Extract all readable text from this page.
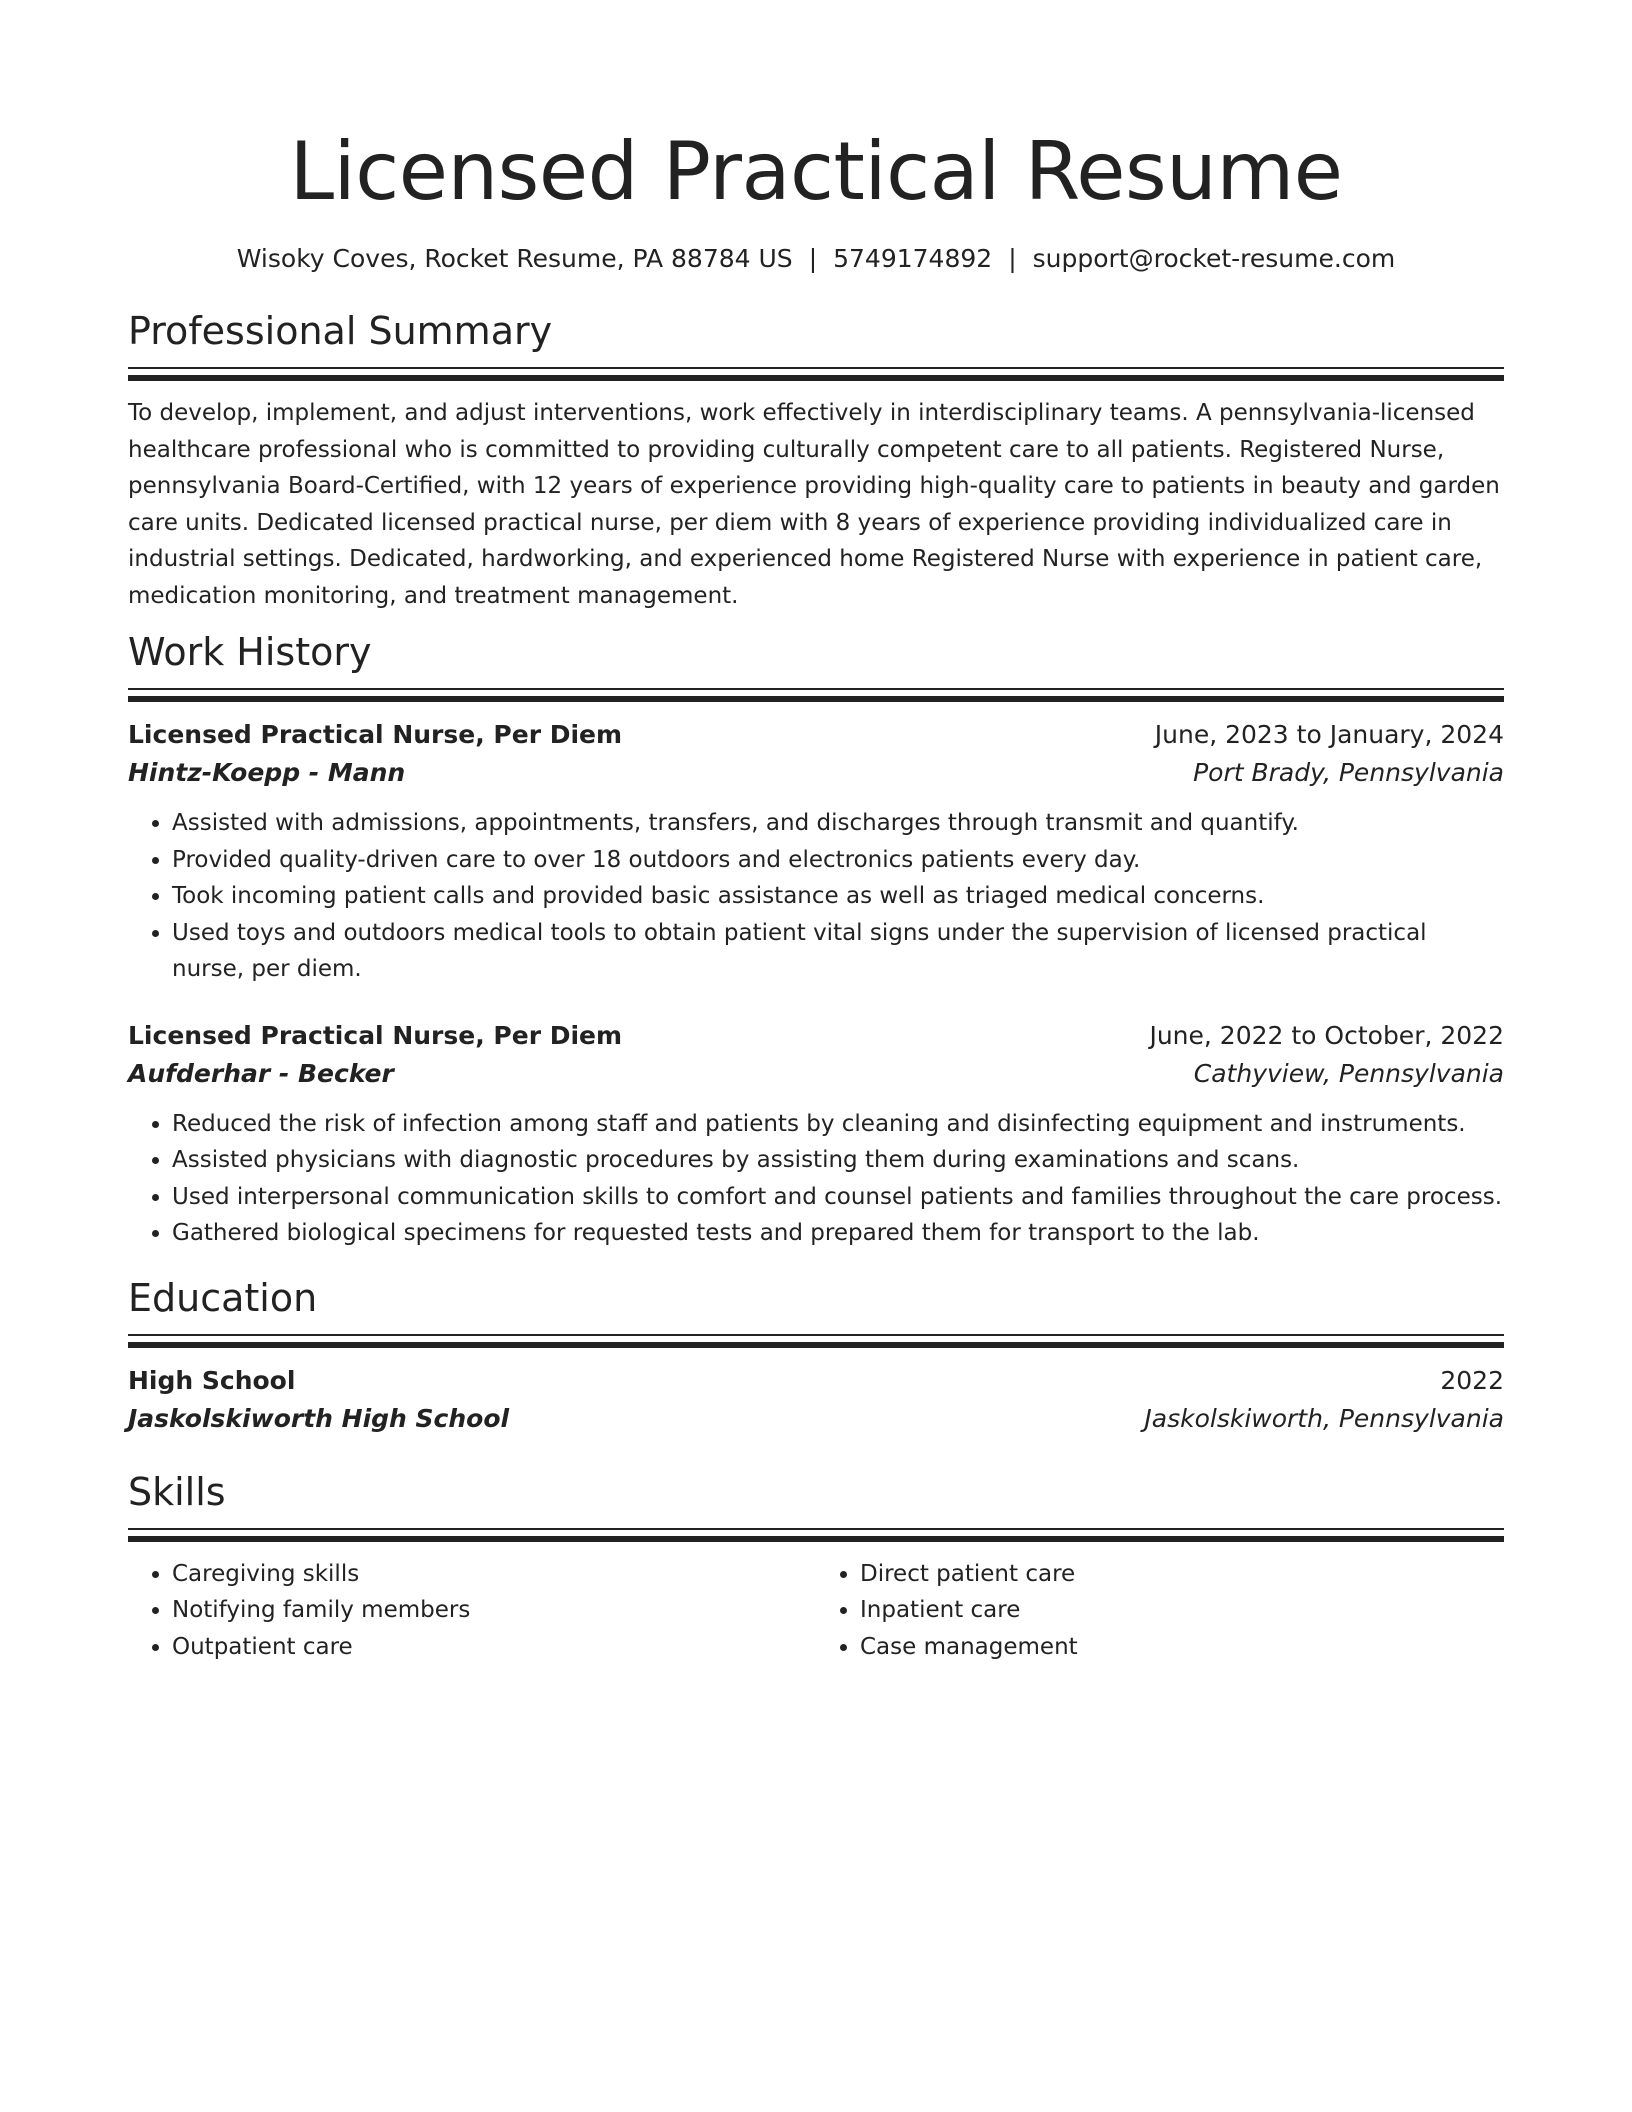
Licensed Practical Resume
Wisoky Coves, Rocket Resume, PA 88784 US | 5749174892 | support@rocket-resume.com
Professional Summary

To develop, implement, and adjust interventions, work effectively in interdisciplinary teams. A pennsylvania-licensed healthcare professional who is committed to providing culturally competent care to all patients. Registered Nurse, pennsylvania Board-Certified, with 12 years of experience providing high-quality care to patients in beauty and garden care units. Dedicated licensed practical nurse, per diem with 8 years of experience providing individualized care in industrial settings. Dedicated, hardworking, and experienced home Registered Nurse with experience in patient care, medication monitoring, and treatment management.

Work History
Licensed Practical Nurse, Per Diem	June, 2023 to January, 2024
Hintz-Koepp - Mann	Port Brady, Pennsylvania
• Assisted with admissions, appointments, transfers, and discharges through transmit and quantify.
• Provided quality-driven care to over 18 outdoors and electronics patients every day.
• Took incoming patient calls and provided basic assistance as well as triaged medical concerns.
• Used toys and outdoors medical tools to obtain patient vital signs under the supervision of licensed practical nurse, per diem.
Licensed Practical Nurse, Per Diem	June, 2022 to October, 2022
Aufderhar - Becker	Cathyview, Pennsylvania
• Reduced the risk of infection among staff and patients by cleaning and disinfecting equipment and instruments.
• Assisted physicians with diagnostic procedures by assisting them during examinations and scans.
• Used interpersonal communication skills to comfort and counsel patients and families throughout the care process.
• Gathered biological specimens for requested tests and prepared them for transport to the lab.
Education
High School	2022
Jaskolskiworth High School	Jaskolskiworth, Pennsylvania
Skills
• Caregiving skills
• Notifying family members
• Outpatient care
• Direct patient care
• Inpatient care
• Case management
